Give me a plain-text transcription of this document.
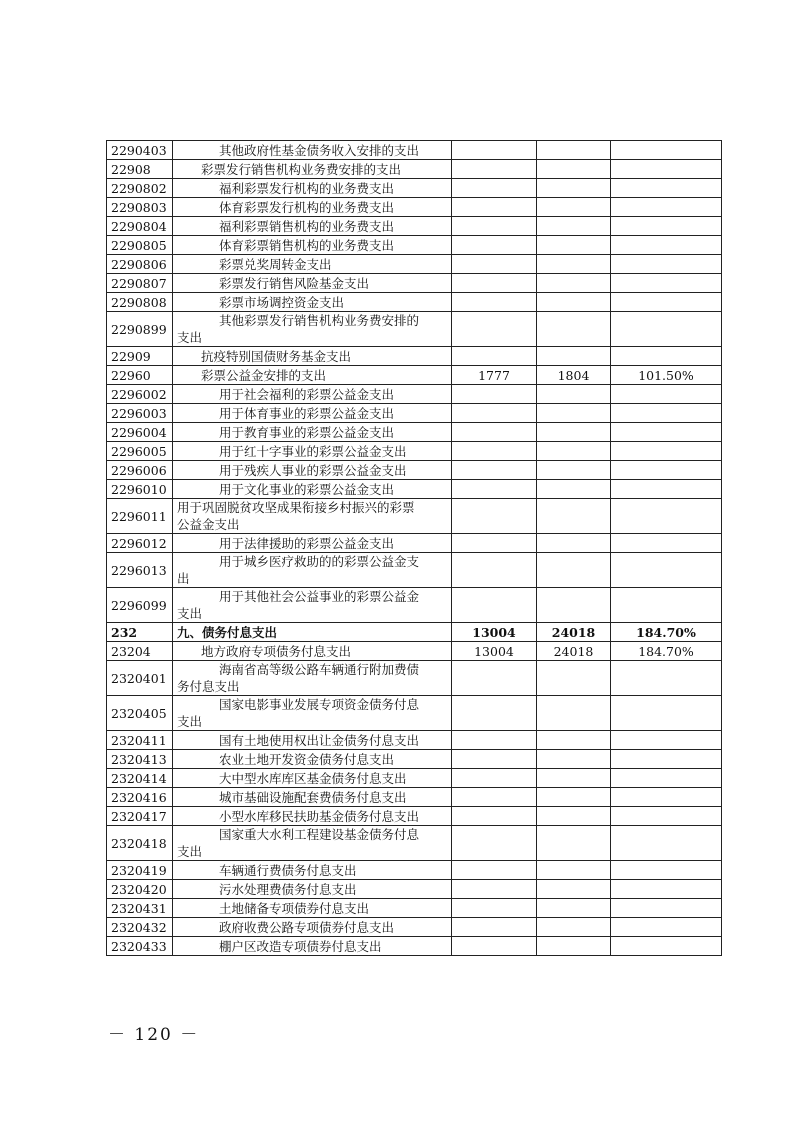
2290403	其他政府性基金债务收入安排的支出			

22908	彩票发行销售机构业务费安排的支出			

2290802	福利彩票发行机构的业务费支出			

2290803	体育彩票发行机构的业务费支出			

2290804	福利彩票销售机构的业务费支出			

2290805	体育彩票销售机构的业务费支出			

2290806	彩票兑奖周转金支出			

2290807	彩票发行销售风险基金支出			

2290808	彩票市场调控资金支出			

2290899	其他彩票发行销售机构业务费安排的
支出			
22909	抗疫特别国债财务基金支出			

22960	彩票公益金安排的支出	1777	1804	101.50%
2296002	用于社会福利的彩票公益金支出			

2296003	用于体育事业的彩票公益金支出			

2296004	用于教育事业的彩票公益金支出			

2296005	用于红十字事业的彩票公益金支出			

2296006	用于残疾人事业的彩票公益金支出			

2296010	用于文化事业的彩票公益金支出			

2296011	用于巩固脱贫攻坚成果衔接乡村振兴的彩票
公益金支出			
2296012	用于法律援助的彩票公益金支出			

2296013	用于城乡医疗救助的的彩票公益金支
出			
2296099	用于其他社会公益事业的彩票公益金
支出			
232	九、债务付息支出	13004	24018	184.70%
23204	地方政府专项债务付息支出	13004	24018	184.70%
2320401	海南省高等级公路车辆通行附加费债
务付息支出			
2320405	国家电影事业发展专项资金债务付息
支出			
2320411	国有土地使用权出让金债务付息支出			

2320413	农业土地开发资金债务付息支出			

2320414	大中型水库库区基金债务付息支出			

2320416	城市基础设施配套费债务付息支出			

2320417	小型水库移民扶助基金债务付息支出			

2320418	国家重大水利工程建设基金债务付息
支出			
2320419	车辆通行费债务付息支出			

2320420	污水处理费债务付息支出			

2320431	土地储备专项债券付息支出			

2320432	政府收费公路专项债券付息支出			

2320433	棚户区改造专项债券付息支出			

－ 120 －
